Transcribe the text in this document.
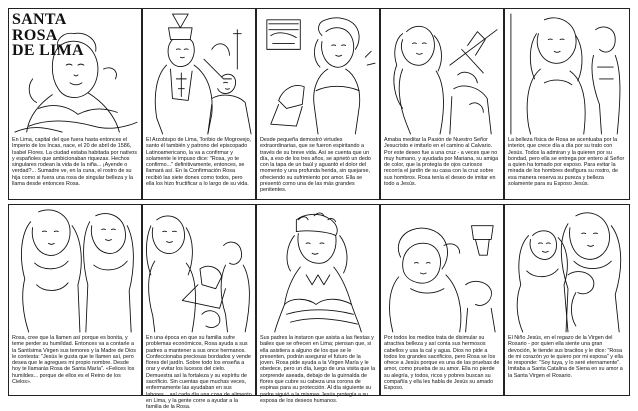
SANTA
ROSA
DE LIMA
En Lima, capital del que fuera hasta entonces el Imperio de los Incas, nace, el 20 de abril de 1586, Isabel Flores. La ciudad estaba habitada por nativos y españoles que ambicionaban riquezas. Hechos singulares rodean la vida de la niña... ¡Ayende o verdad?... Sumadre ve, en la cuna, el rostro de su hija como si fuera una rosa de singular belleza y la llama desde entonces Rosa.
El Arzobispo de Lima, Toribio de Mogrovejo, santo él también y patrono del episcopado Latinoamericano, la va a confirmar y solamente le impuso dice: "Rosa, yo te confirmo..." definitivamente, entonces, se llamará así. En la Confirmación Rosa recibió las siete dones como todos, pero ella los hizo fructificar a lo largo de su vida.
Desde pequeña demostró virtudes extraordinarias, que se fueron espiritando a través de su breve vida. Así se cuenta que un día, a eso de los tres años, se aprietó un dedo con la tapa de un baúl y aguantó el dolor del momento y una profunda herida, sin quejarse, ofreciendo su sufrimiento por amor. Ella se presentó como una de las más grandes penitentes.
Amaba meditar la Pasión de Nuestro Señor Jesucristo e imitarlo en el camino al Calvario. Por este deseo fue a una cruz - a veces que no muy humano, y ayudada por Mariana, su amiga de color, que la protegía de ojos curiosos recorría el jardín de su casa con la cruz sobre sus hombros. Rosa tenía el deseo de imitar en todo a Jesús.
La belleza física de Rosa se acentuaba por la interior, que crece día a día por su trato con Jesús. Todos la admiran y la quieren por su bondad, pero ella se entrega por entero al Señor a quien ha tomado por esposo. Para evitar la mirada de los hombres desfigura su rostro, de esa manera reserva su pureza y belleza solamente para su Esposo Jesús.
Rosa, cree que la llamen así porque es bonita, y teme perder su humildad. Entonces va a contarle a la Santísima Virgen sus temores y la Madre de Dios le contesta: "Jesús le gusta que te llamen así, pero desea que le agregues mi propio nombre. Desde hoy te llamarás Rosa de Santa María". «Felices los humildes... porque de ellos es el Reino de los Cielos».
En una época en que su familia sufre problemas económicos, Rosa ayuda a sus padres a mantener a sus once hermanos. Confeccionaba preciosas bordados y vende flores del jardín. Sobre todo los enseña a orar y evitar los lucesos del cielo. Demuestra así la fortaleza y su espíritu de sacrificio. Sin cuentas que muchas veces, enfermamente las ayudaban en sus labores... así cada día una cosa de alimento en Lima, y la gente corre a ayudar a la familia de la Rosa.
Sus padres la instaron que asista a las fiestas y bailes que se ofrecen en Lima; piensan que, si ella asistiera a alguno de los que se le presenten, podrán asegurar el futuro de la joven. Rosa pide ayuda a la Virgen María y le obedece, pero un día, luego de una visita que la sorprende aseada, debajo de la guirnalda de flores que cubre su cabeza una corona de espinas para su protección. Al día siguiente su padre siguió a la mismas Jesús protegía a su esposa de los deseos humanos.
Por todos los medios trata de disimular su atractiva belleza y así conta sus hermosos cabellos y usa la cal y agua. Dios no pide a todos los grandes sacrificios, pero Rosa se los ofrece a Jesús porque es una de las pruebas de amor, como prueba de su amor. Ella no pierde su alegría, y todos, ricos y pobres buscan su compañía y ella les habla de Jesús su amado Esposo.
El Niño Jesús, en el regazo de la Virgen del Rosario - por quien ella siente una gran devoción, le tiende sus bracitos y le dice: "Rosa de mi corazón yo te quiero por mi esposa" y ella le responde: "Soy tuya, y lo seré eternamente". Imitaba a Santa Catalina de Siena en su amor a la Santa Virgen el Rosario.
